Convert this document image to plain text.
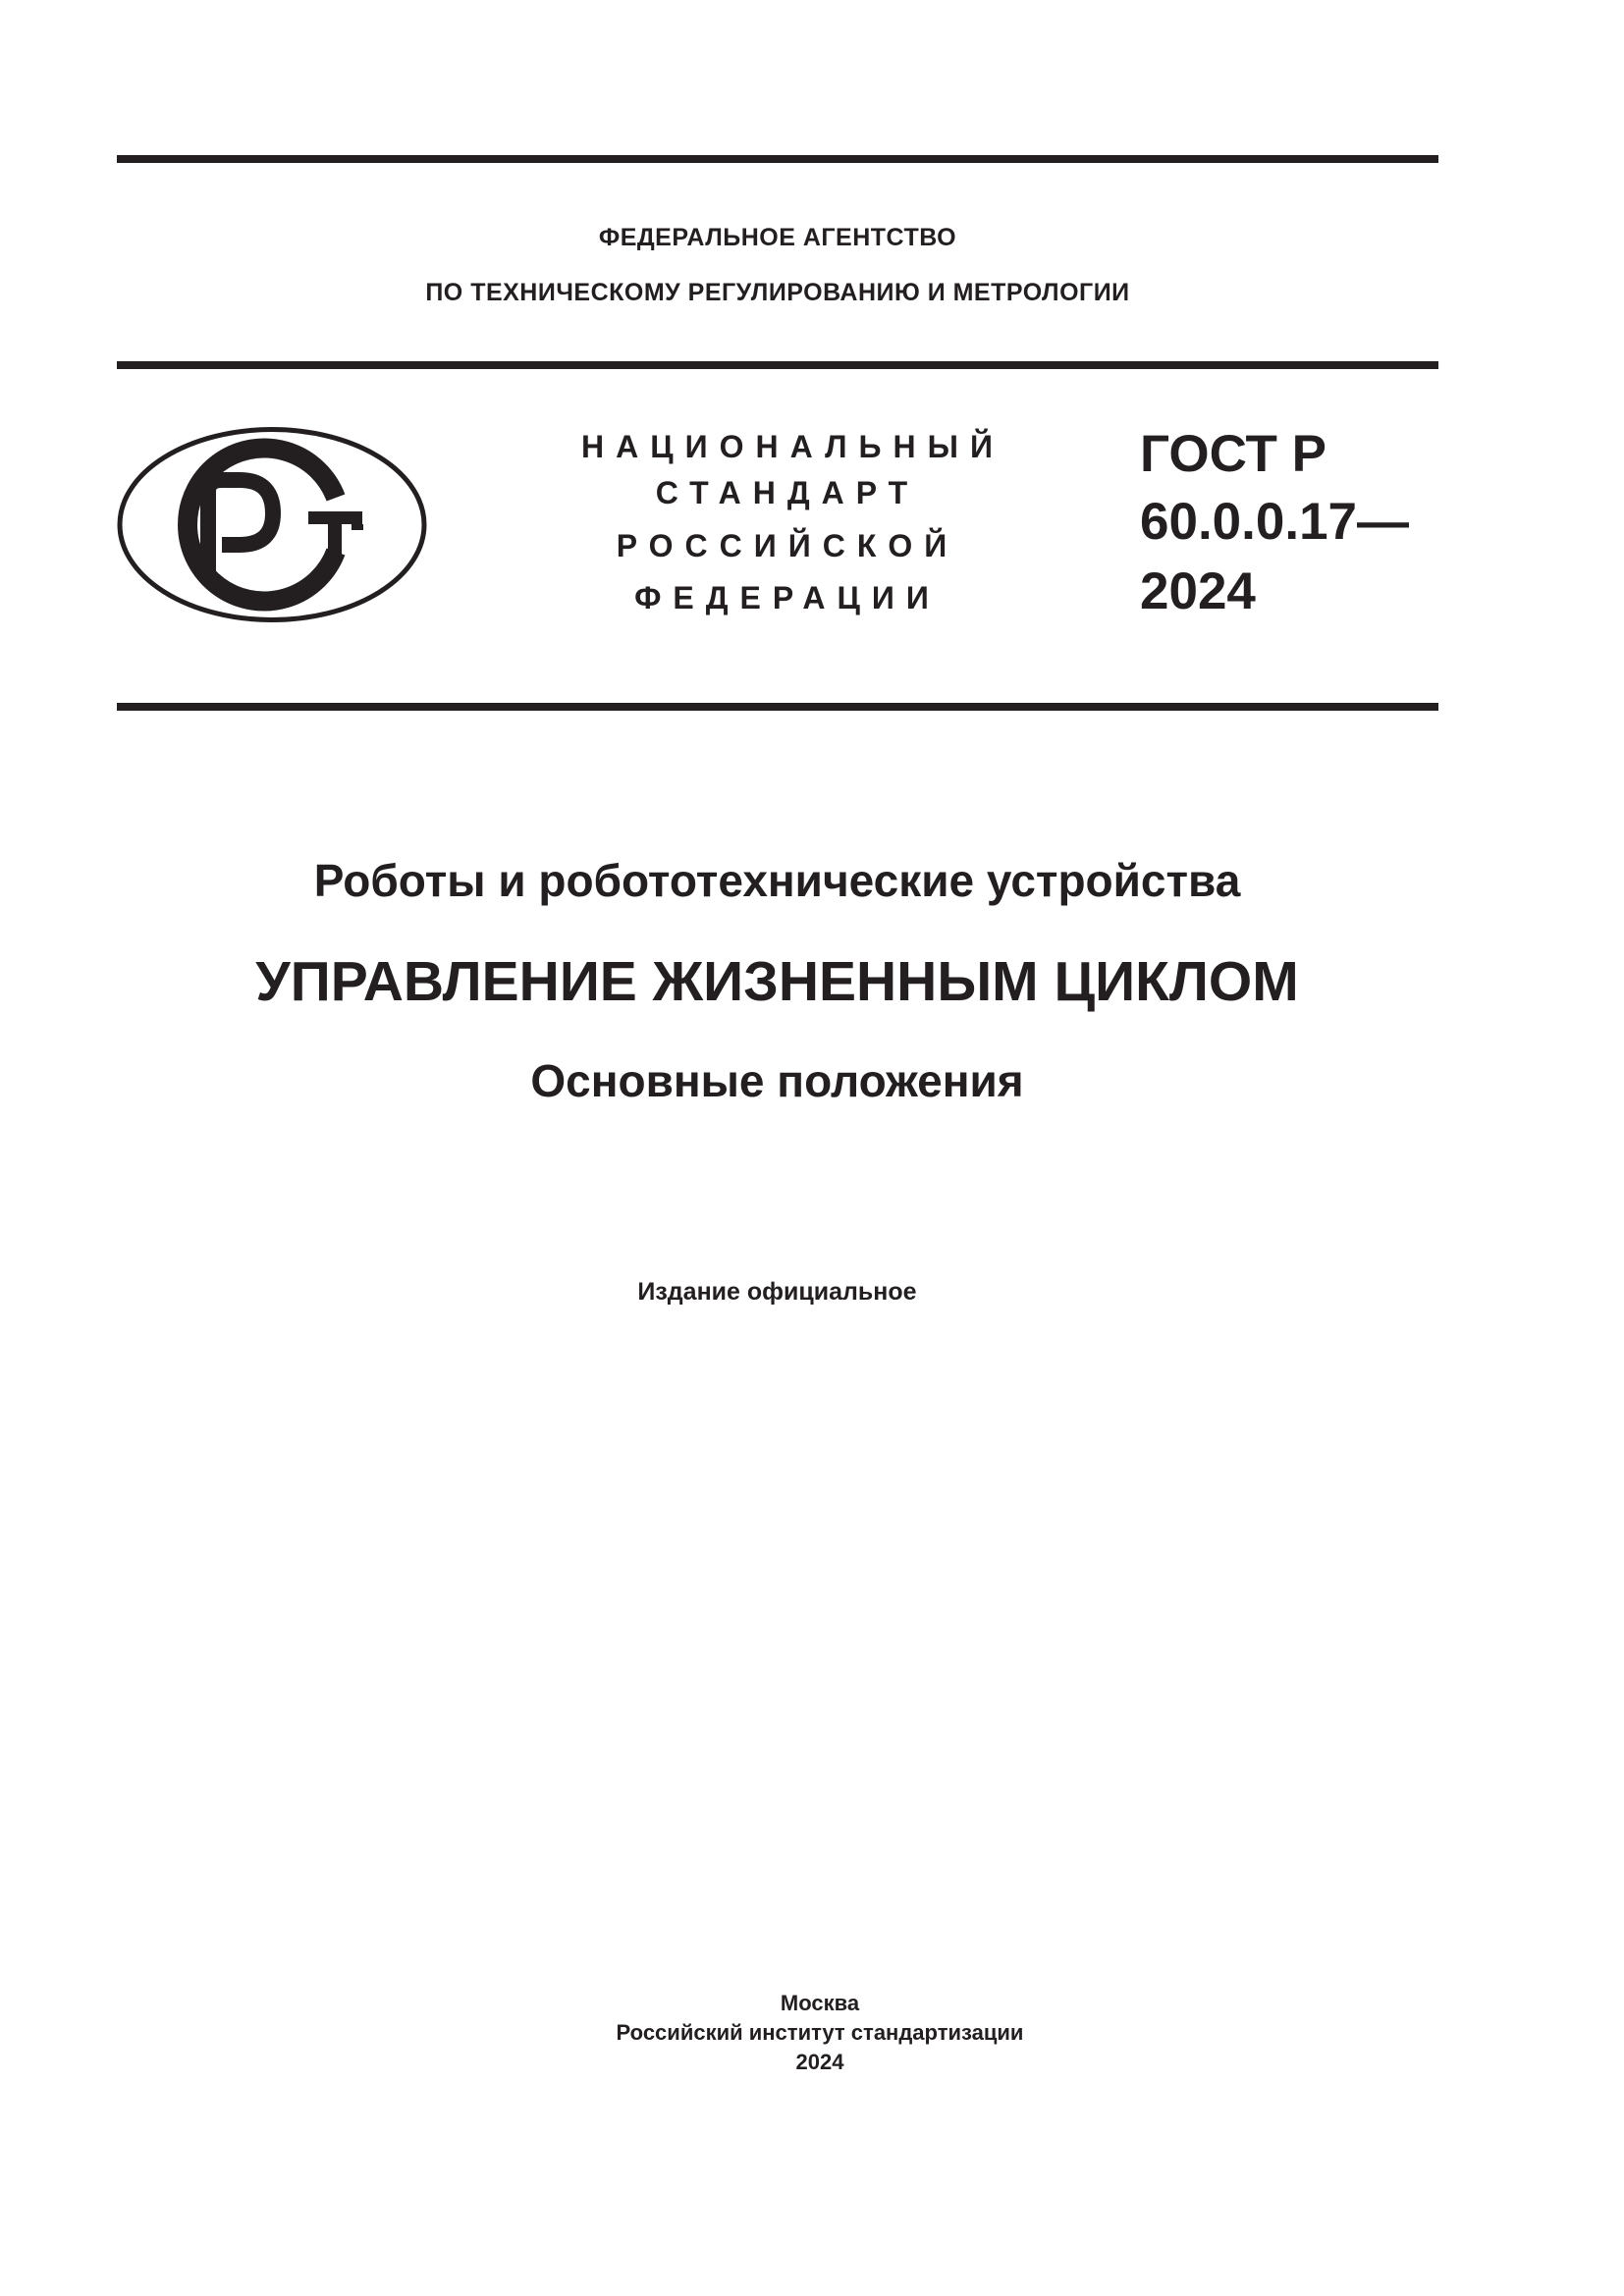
ФЕДЕРАЛЬНОЕ АГЕНТСТВО
ПО ТЕХНИЧЕСКОМУ РЕГУЛИРОВАНИЮ И МЕТРОЛОГИИ
НАЦИОНАЛЬНЫЙ
СТАНДАРТ
РОССИЙСКОЙ
ФЕДЕРАЦИИ
ГОСТ Р
60.0.0.17—
2024
Роботы и робототехнические устройства
УПРАВЛЕНИЕ ЖИЗНЕННЫМ ЦИКЛОМ
Основные положения
Издание официальное
Москва
Российский институт стандартизации
2024
